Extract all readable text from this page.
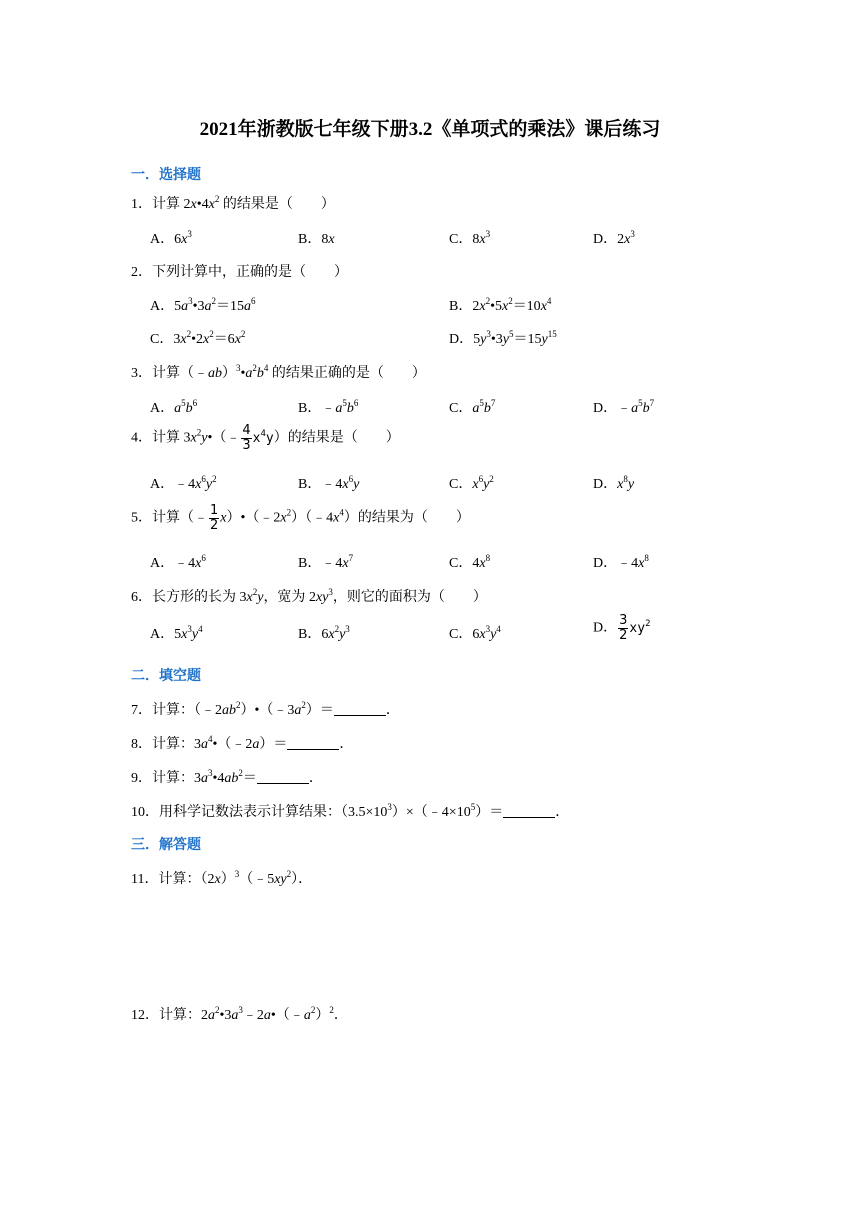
2021年浙教版七年级下册3.2《单项式的乘法》课后练习
一．选择题
1．计算 $2x•4x^2$ 的结果是（　　）
A．$6x^3$	B．8x	C．$8x^3$	D．$2x^3$
2．下列计算中，正确的是（　　）
A．$5a^3•3a^2=15a^6$	B．$2x^2•5x^2=10x^4$
C．$3x^2•2x^2=6x^2$	D．$5y^3•3y^5=15y^{15}$
3．计算$(﹣ab)^3•a^2b^4$ 的结果正确的是（　　）
A．$a^5b^6$	B．$﹣a^5b^6$	C．$a^5b^7$	D．$﹣a^5b^7$
4．计算 $3x^2y•(﹣ \frac{4}{3} x^4y)$的结果是（　　）
A．$﹣4x^6y^2$	B．$﹣4x^6y$	C．$x^6y^2$	D．$x^8y$
5．计算（﹣ $\frac{1}{2}$ $x)•(﹣2x^2)(﹣4x^4)$的结果为（　　）
A．$﹣4x^6$	B．$﹣4x^7$	C．$4x^8$	D．$﹣4x^8$
6．长方形的长为 $3x^2y$，宽为 $2xy^3$，则它的面积为（　　）
A．$5x^3y^4$	B．$6x^2y^3$	C．$6x^3y^4$	D． $\frac{3}{2} xy^2$
二．填空题
7．计算：$(﹣2ab^2)•(﹣3a^2)=$	．
8．计算：$3a^4•(﹣2a)=$	．
9．计算：$3a^3•4ab^2=$	．
10．用科学记数法表示计算结果：$(3.5\times 10^3)\times(﹣4\times 10^5)=$	．
三．解答题
11．计算：$(2x)^3(﹣5xy^2)$．
12．计算：$2a^2•3a^3﹣2a•(﹣a^2)^2$．
